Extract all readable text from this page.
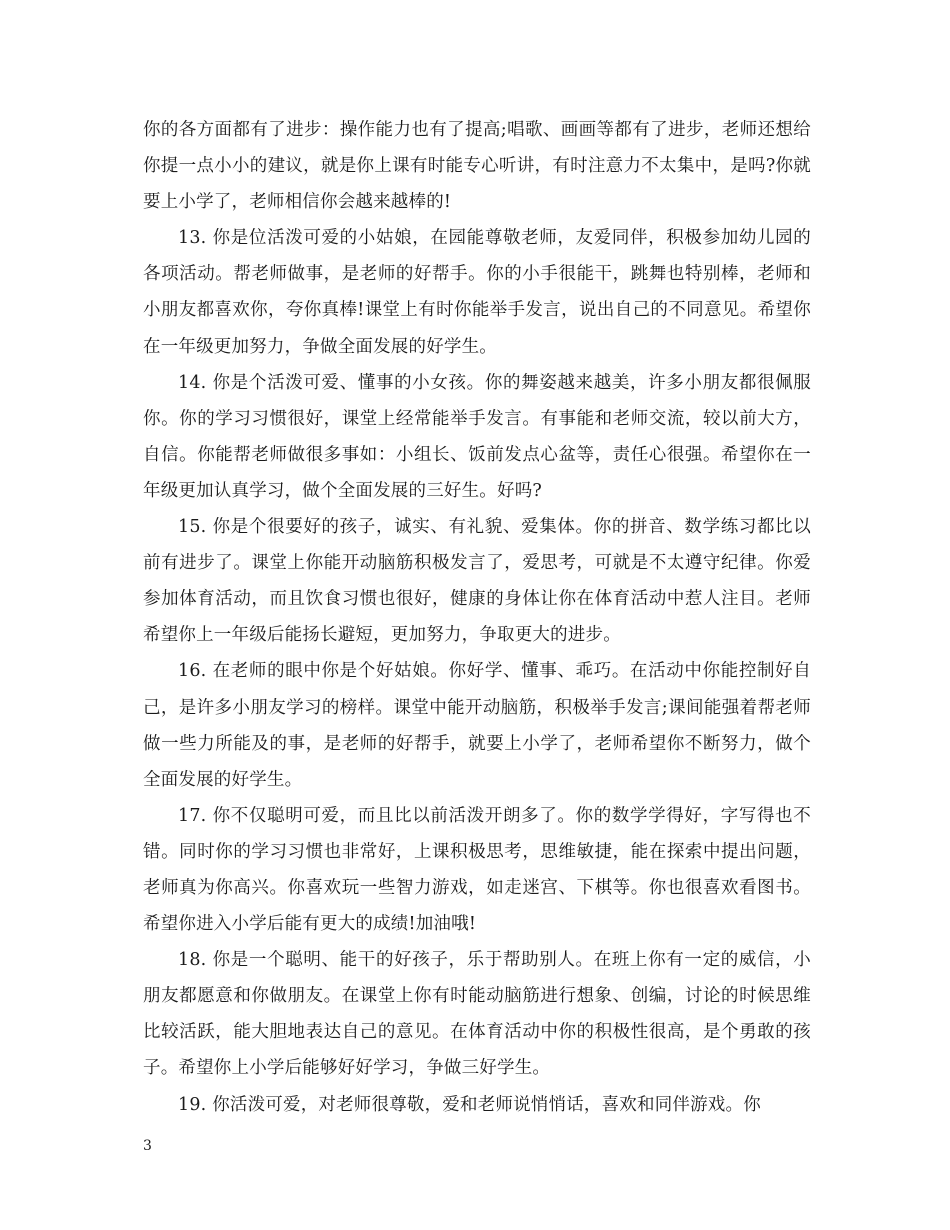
你的各方面都有了进步：操作能力也有了提高;唱歌、画画等都有了进步，老师还想给你提一点小小的建议，就是你上课有时能专心听讲，有时注意力不太集中，是吗?你就要上小学了，老师相信你会越来越棒的!

13. 你是位活泼可爱的小姑娘，在园能尊敬老师，友爱同伴，积极参加幼儿园的各项活动。帮老师做事，是老师的好帮手。你的小手很能干，跳舞也特别棒，老师和小朋友都喜欢你，夸你真棒!课堂上有时你能举手发言，说出自己的不同意见。希望你在一年级更加努力，争做全面发展的好学生。

14. 你是个活泼可爱、懂事的小女孩。你的舞姿越来越美，许多小朋友都很佩服你。你的学习习惯很好，课堂上经常能举手发言。有事能和老师交流，较以前大方，自信。你能帮老师做很多事如：小组长、饭前发点心盆等，责任心很强。希望你在一年级更加认真学习，做个全面发展的三好生。好吗?

15. 你是个很要好的孩子，诚实、有礼貌、爱集体。你的拼音、数学练习都比以前有进步了。课堂上你能开动脑筋积极发言了，爱思考，可就是不太遵守纪律。你爱参加体育活动，而且饮食习惯也很好，健康的身体让你在体育活动中惹人注目。老师希望你上一年级后能扬长避短，更加努力，争取更大的进步。

16. 在老师的眼中你是个好姑娘。你好学、懂事、乖巧。在活动中你能控制好自己，是许多小朋友学习的榜样。课堂中能开动脑筋，积极举手发言;课间能强着帮老师做一些力所能及的事，是老师的好帮手，就要上小学了，老师希望你不断努力，做个全面发展的好学生。

17. 你不仅聪明可爱，而且比以前活泼开朗多了。你的数学学得好，字写得也不错。同时你的学习习惯也非常好，上课积极思考，思维敏捷，能在探索中提出问题，老师真为你高兴。你喜欢玩一些智力游戏，如走迷宫、下棋等。你也很喜欢看图书。希望你进入小学后能有更大的成绩!加油哦!

18. 你是一个聪明、能干的好孩子，乐于帮助别人。在班上你有一定的威信，小朋友都愿意和你做朋友。在课堂上你有时能动脑筋进行想象、创编，讨论的时候思维比较活跃，能大胆地表达自己的意见。在体育活动中你的积极性很高，是个勇敢的孩子。希望你上小学后能够好好学习，争做三好学生。

19. 你活泼可爱，对老师很尊敬，爱和老师说悄悄话，喜欢和同伴游戏。你

3
